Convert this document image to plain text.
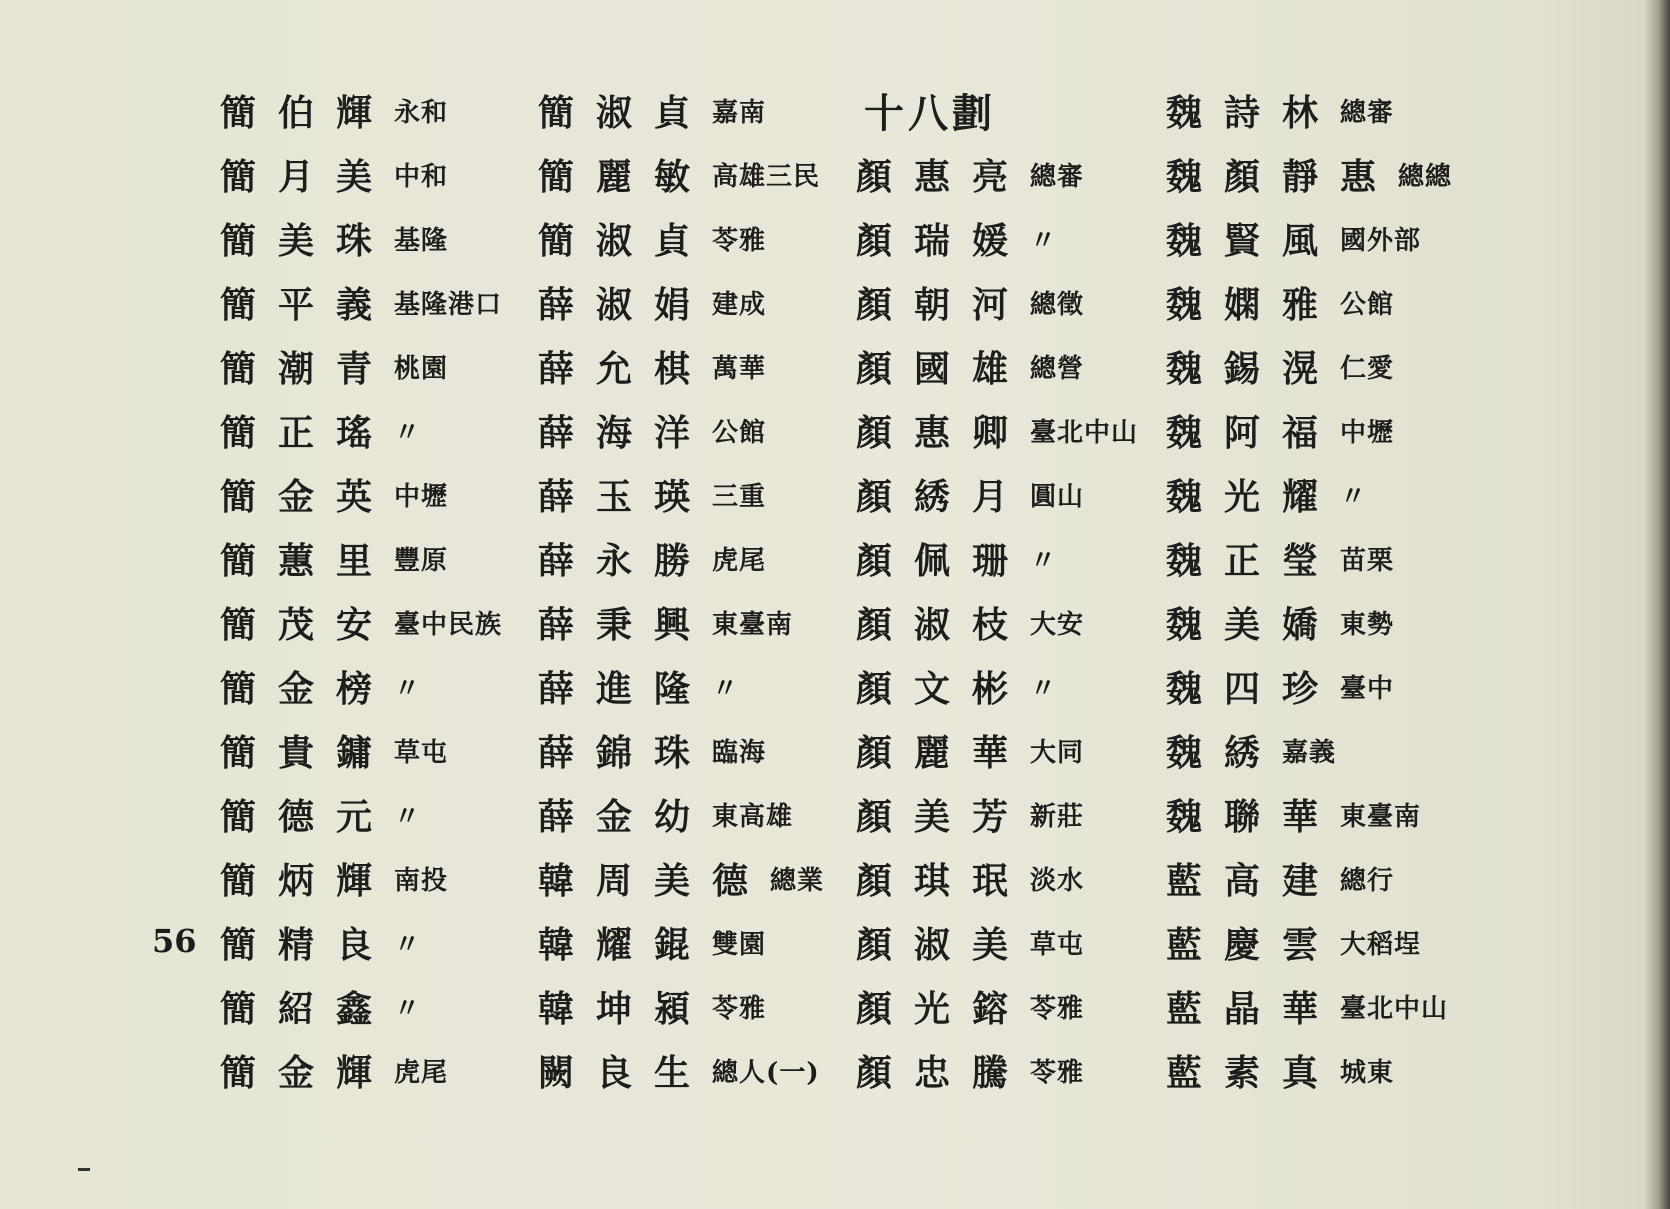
簡伯輝 永和
簡月美 中和
簡美珠 基隆
簡平義 基隆港口
簡潮青 桃園
簡正瑤 〃
簡金英 中壢
簡蕙里 豐原
簡茂安 臺中民族
簡金榜 〃
簡貴鏞 草屯
簡德元 〃
簡炳輝 南投
簡精良 〃
簡紹鑫 〃
簡金輝 虎尾
簡淑貞 嘉南
簡麗敏 高雄三民
簡淑貞 苓雅
薛淑娟 建成
薛允棋 萬華
薛海洋 公館
薛玉瑛 三重
薛永勝 虎尾
薛秉興 東臺南
薛進隆 〃
薛錦珠 臨海
薛金幼 東高雄
韓周美德 總業
韓耀錕 雙園
韓坤潁 苓雅
闕良生 總人(一)
十八劃
顏惠亮 總審
顏瑞媛 〃
顏朝河 總徵
顏國雄 總營
顏惠卿 臺北中山
顏綉月 圓山
顏佩珊 〃
顏淑枝 大安
顏文彬 〃
顏麗華 大同
顏美芳 新莊
顏琪珉 淡水
顏淑美 草屯
顏光鎔 苓雅
顏忠騰 苓雅
魏詩林 總審
魏顏靜惠 總總
魏賢風 國外部
魏嫻雅 公館
魏錫滉 仁愛
魏阿福 中壢
魏光耀 〃
魏正瑩 苗栗
魏美嬌 東勢
魏四珍 臺中
魏綉 嘉義
魏聯華 東臺南
藍高建 總行
藍慶雲 大稻埕
藍晶華 臺北中山
藍素真 城東
56
